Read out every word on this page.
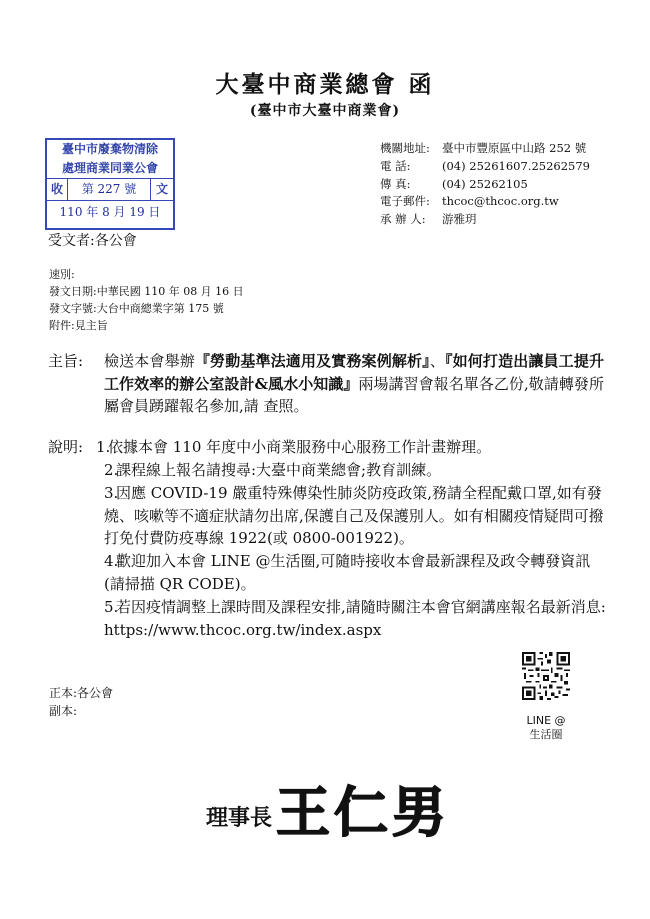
大臺中商業總會 函
(臺中市大臺中商業會)
臺中市廢棄物清除
處理商業同業公會
收	第 227 號	文
110 年 8 月 19 日
受文者:各公會
機關地址:	臺中市豐原區中山路 252 號
電 話:	(04) 25261607.25262579
傳 真:	(04) 25262105
電子郵件:	thcoc@thcoc.org.tw
承 辦 人:	游雅玥
速別:
發文日期:中華民國 110 年 08 月 16 日
發文字號:大台中商總業字第 175 號
附件:見主旨
主旨: 檢送本會舉辦『勞動基準法適用及實務案例解析』、『如何打造出讓員工提升工作效率的辦公室設計&風水小知識』兩場講習會報名單各乙份,敬請轉發所屬會員踴躍報名參加,請 查照。
說明: 1.依據本會 110 年度中小商業服務中心服務工作計畫辦理。
2.課程線上報名請搜尋:大臺中商業總會;教育訓練。
3.因應 COVID-19 嚴重特殊傳染性肺炎防疫政策,務請全程配戴口罩,如有發燒、咳嗽等不適症狀請勿出席,保護自己及保護別人。如有相關疫情疑問可撥打免付費防疫專線 1922(或 0800-001922)。
4.歡迎加入本會 LINE @生活圈,可隨時接收本會最新課程及政令轉發資訊(請掃描 QR CODE)。
5.若因疫情調整上課時間及課程安排,請隨時關注本會官網講座報名最新消息: https://www.thcoc.org.tw/index.aspx
LINE @
生活圈
正本:各公會
副本:
理事長 王仁男
